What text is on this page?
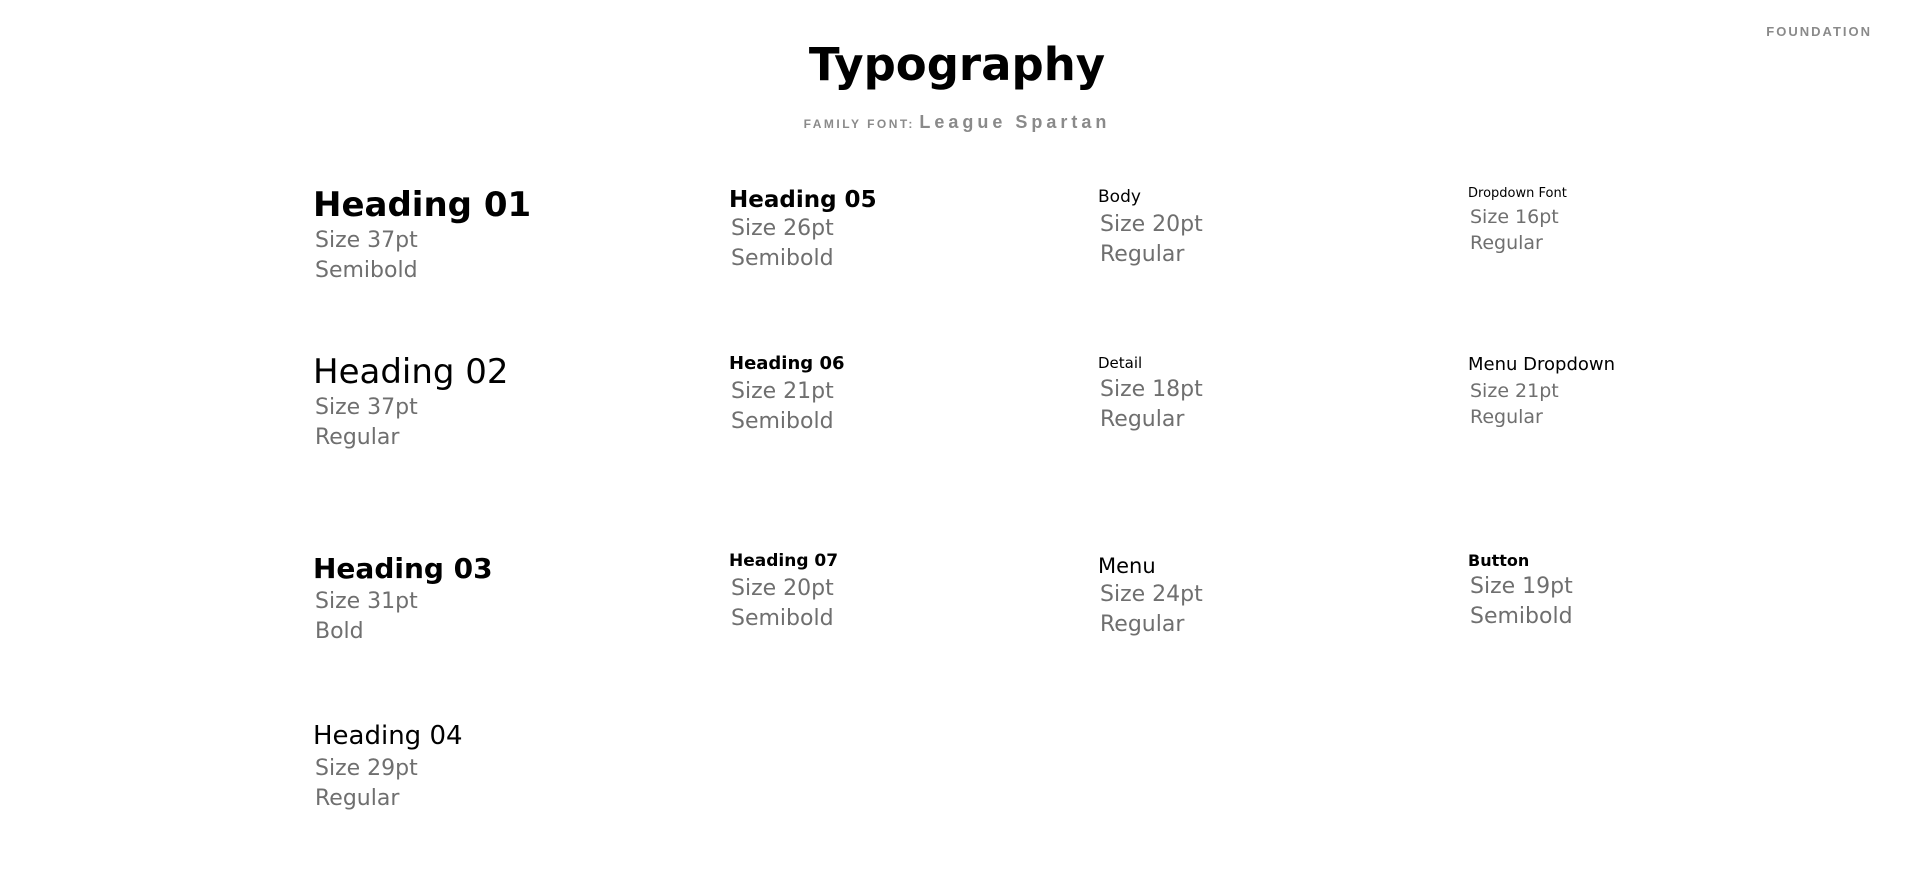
FOUNDATION
Typography
FAMILY FONT: League Spartan
Heading 01
Size 37pt
Semibold
Heading 02
Size 37pt
Regular
Heading 03
Size 31pt
Bold
Heading 04
Size 29pt
Regular
Heading 05
Size 26pt
Semibold
Heading 06
Size 21pt
Semibold
Heading 07
Size 20pt
Semibold
Body
Size 20pt
Regular
Detail
Size 18pt
Regular
Menu
Size 24pt
Regular
Dropdown Font
Size 16pt
Regular
Menu Dropdown
Size 21pt
Regular
Button
Size 19pt
Semibold
